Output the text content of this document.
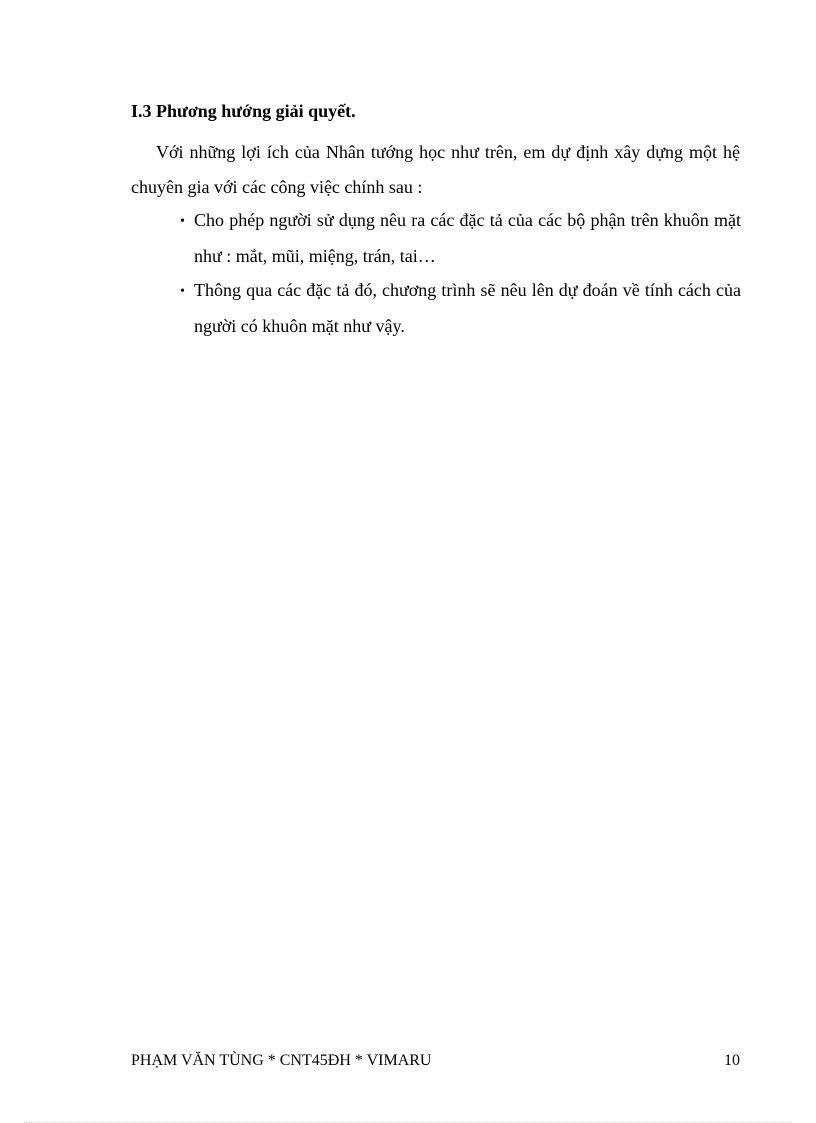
I.3 Phương hướng giải quyết.
Với những lợi ích của Nhân tướng học như trên, em dự định xây dựng một hệ chuyên gia với các công việc chính sau :
• Cho phép người sử dụng nêu ra các đặc tả của các bộ phận trên khuôn mặt như : mắt, mũi, miệng, trán, tai…
• Thông qua các đặc tả đó, chương trình sẽ nêu lên dự đoán về tính cách của người có khuôn mặt như vậy.
PHẠM VĂN TÙNG * CNT45ĐH * VIMARU	10
